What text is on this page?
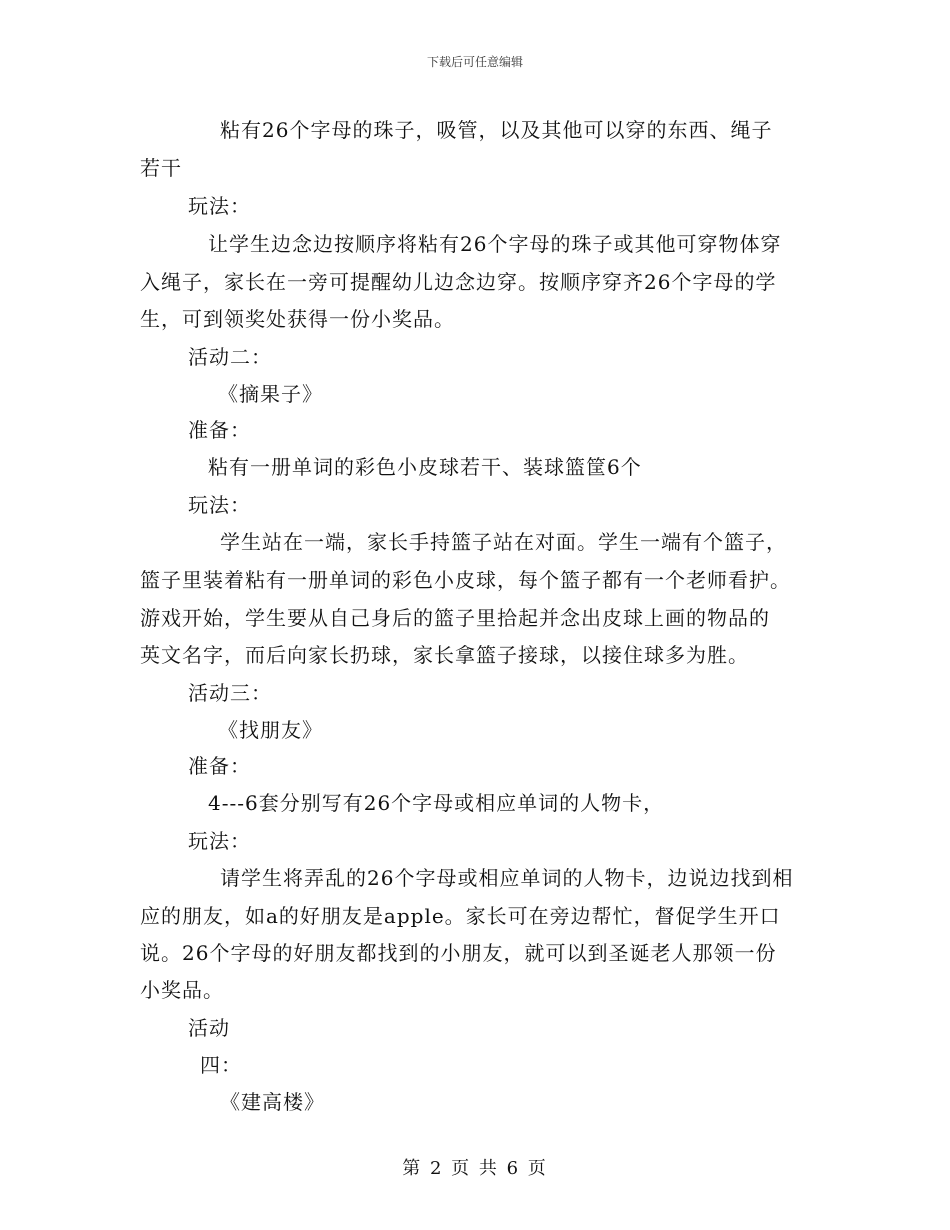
下载后可任意编辑
粘有26个字母的珠子，吸管，以及其他可以穿的东西、绳子
若干
玩法：
让学生边念边按顺序将粘有26个字母的珠子或其他可穿物体穿
入绳子，家长在一旁可提醒幼儿边念边穿。按顺序穿齐26个字母的学
生，可到领奖处获得一份小奖品。
活动二：
《摘果子》
准备：
粘有一册单词的彩色小皮球若干、装球篮筐6个
玩法：
学生站在一端，家长手持篮子站在对面。学生一端有个篮子，
篮子里装着粘有一册单词的彩色小皮球，每个篮子都有一个老师看护。
游戏开始，学生要从自己身后的篮子里拾起并念出皮球上画的物品的
英文名字，而后向家长扔球，家长拿篮子接球，以接住球多为胜。
活动三：
《找朋友》
准备：
4---6套分别写有26个字母或相应单词的人物卡，
玩法：
请学生将弄乱的26个字母或相应单词的人物卡，边说边找到相
应的朋友，如a的好朋友是apple。家长可在旁边帮忙，督促学生开口
说。26个字母的好朋友都找到的小朋友，就可以到圣诞老人那领一份
小奖品。
活动
四：
《建高楼》
第 2 页 共 6 页
